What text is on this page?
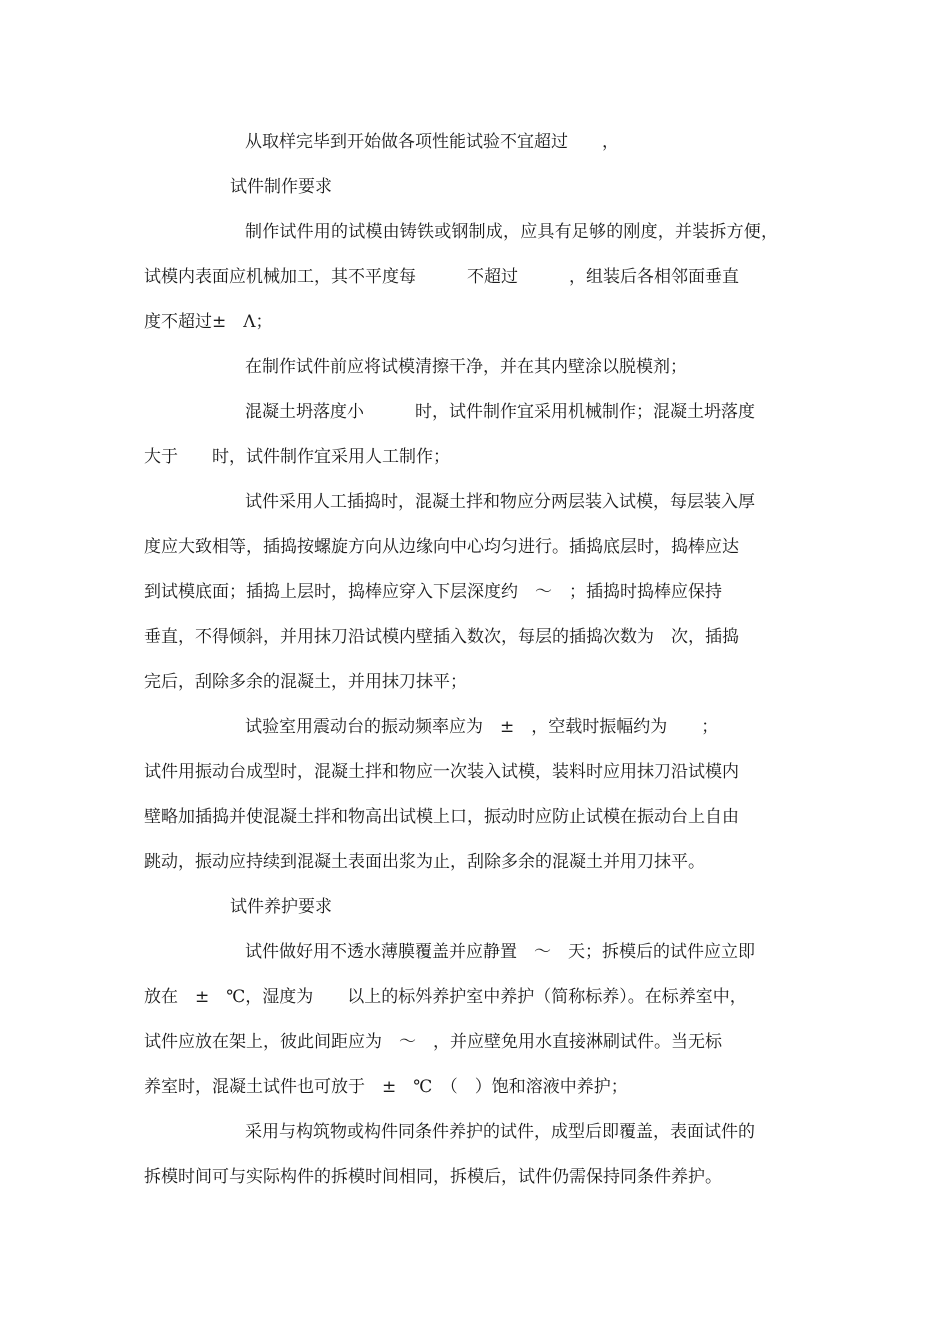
从取样完毕到开始做各项性能试验不宜超过　　，

试件制作要求

制作试件用的试模由铸铁或钢制成，应具有足够的刚度，并装拆方便，

试模内表面应机械加工，其不平度每　　　不超过　　　，组装后各相邻面垂直

度不超过±　Λ；

在制作试件前应将试模清擦干净，并在其内壁涂以脱模剂；

混凝土坍落度小　　　时，试件制作宜采用机械制作；混凝土坍落度

大于　　时，试件制作宜采用人工制作；

试件采用人工插捣时，混凝土拌和物应分两层装入试模，每层装入厚

度应大致相等，插捣按螺旋方向从边缘向中心均匀进行。插捣底层时，捣棒应达

到试模底面；插捣上层时，捣棒应穿入下层深度约　～　；插捣时捣棒应保持

垂直，不得倾斜，并用抹刀沿试模内壁插入数次，每层的插捣次数为　次，插捣

完后，刮除多余的混凝土，并用抹刀抹平；

试验室用震动台的振动频率应为　±　，空载时振幅约为　　；

试件用振动台成型时，混凝土拌和物应一次装入试模，装料时应用抹刀沿试模内

壁略加插捣并使混凝土拌和物高出试模上口，振动时应防止试模在振动台上自由

跳动，振动应持续到混凝土表面出浆为止，刮除多余的混凝土并用刀抹平。

试件养护要求

试件做好用不透水薄膜覆盖并应静置　～　天；拆模后的试件应立即

放在　±　℃，湿度为　　以上的标斘养护室中养护（简称标养）。在标养室中，

试件应放在架上，彼此间距应为　～　，并应壁免用水直接淋刷试件。当无标

养室时，混凝土试件也可放于　±　℃　（　）饱和溶液中养护；

采用与构筑物或构件同条件养护的试件，成型后即覆盖，表面试件的

拆模时间可与实际构件的拆模时间相同，拆模后，试件仍需保持同条件养护。
